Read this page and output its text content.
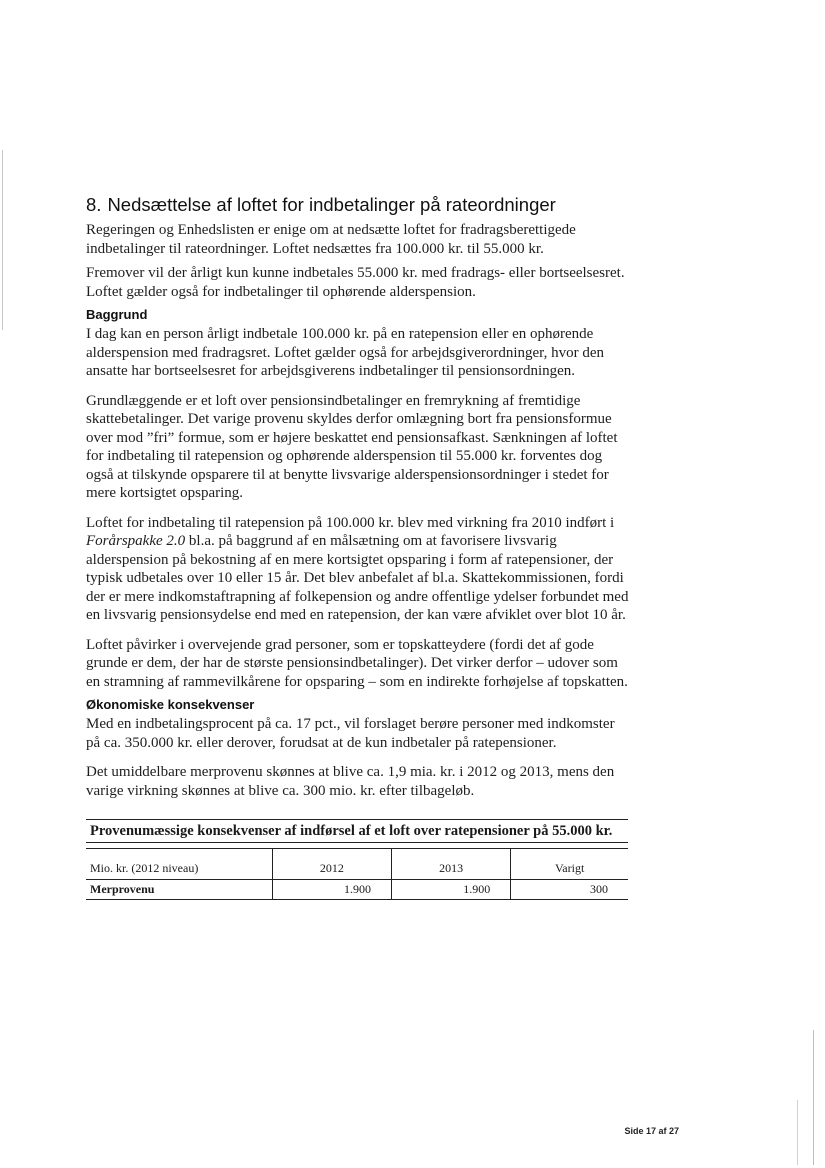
8. Nedsættelse af loftet for indbetalinger på rateordninger

Regeringen og Enhedslisten er enige om at nedsætte loftet for fradragsberettigede indbetalinger til rateordninger. Loftet nedsættes fra 100.000 kr. til 55.000 kr.

Fremover vil der årligt kun kunne indbetales 55.000 kr. med fradrags- eller bortseelsesret. Loftet gælder også for indbetalinger til ophørende alderspension.

Baggrund

I dag kan en person årligt indbetale 100.000 kr. på en ratepension eller en ophørende alderspension med fradragsret. Loftet gælder også for arbejdsgiverordninger, hvor den ansatte har bortseelsesret for arbejdsgiverens indbetalinger til pensionsordningen.

Grundlæggende er et loft over pensionsindbetalinger en fremrykning af fremtidige skattebetalinger. Det varige provenu skyldes derfor omlægning bort fra pensionsformue over mod ”fri” formue, som er højere beskattet end pensionsafkast. Sænkningen af loftet for indbetaling til ratepension og ophørende alderspension til 55.000 kr. forventes dog også at tilskynde opsparere til at benytte livsvarige alderspensionsordninger i stedet for mere kortsigtet opsparing.

Loftet for indbetaling til ratepension på 100.000 kr. blev med virkning fra 2010 indført i Forårspakke 2.0 bl.a. på baggrund af en målsætning om at favorisere livsvarig alderspension på bekostning af en mere kortsigtet opsparing i form af ratepensioner, der typisk udbetales over 10 eller 15 år. Det blev anbefalet af bl.a. Skattekommissionen, fordi der er mere indkomstaftrapning af folkepension og andre offentlige ydelser forbundet med en livsvarig pensionsydelse end med en ratepension, der kan være afviklet over blot 10 år.

Loftet påvirker i overvejende grad personer, som er topskatteydere (fordi det af gode grunde er dem, der har de største pensionsindbetalinger). Det virker derfor – udover som en stramning af rammevilkårene for opsparing – som en indirekte forhøjelse af topskatten.

Økonomiske konsekvenser

Med en indbetalingsprocent på ca. 17 pct., vil forslaget berøre personer med indkomster på ca. 350.000 kr. eller derover, forudsat at de kun indbetaler på ratepensioner.

Det umiddelbare merprovenu skønnes at blive ca. 1,9 mia. kr. i 2012 og 2013, mens den varige virkning skønnes at blive ca. 300 mio. kr. efter tilbageløb.

Provenumæssige konsekvenser af indførsel af et loft over ratepensioner på 55.000 kr.
Mio. kr. (2012 niveau)	2012	2013	Varigt
Merprovenu	1.900	1.900	300
Side 17 af 27
